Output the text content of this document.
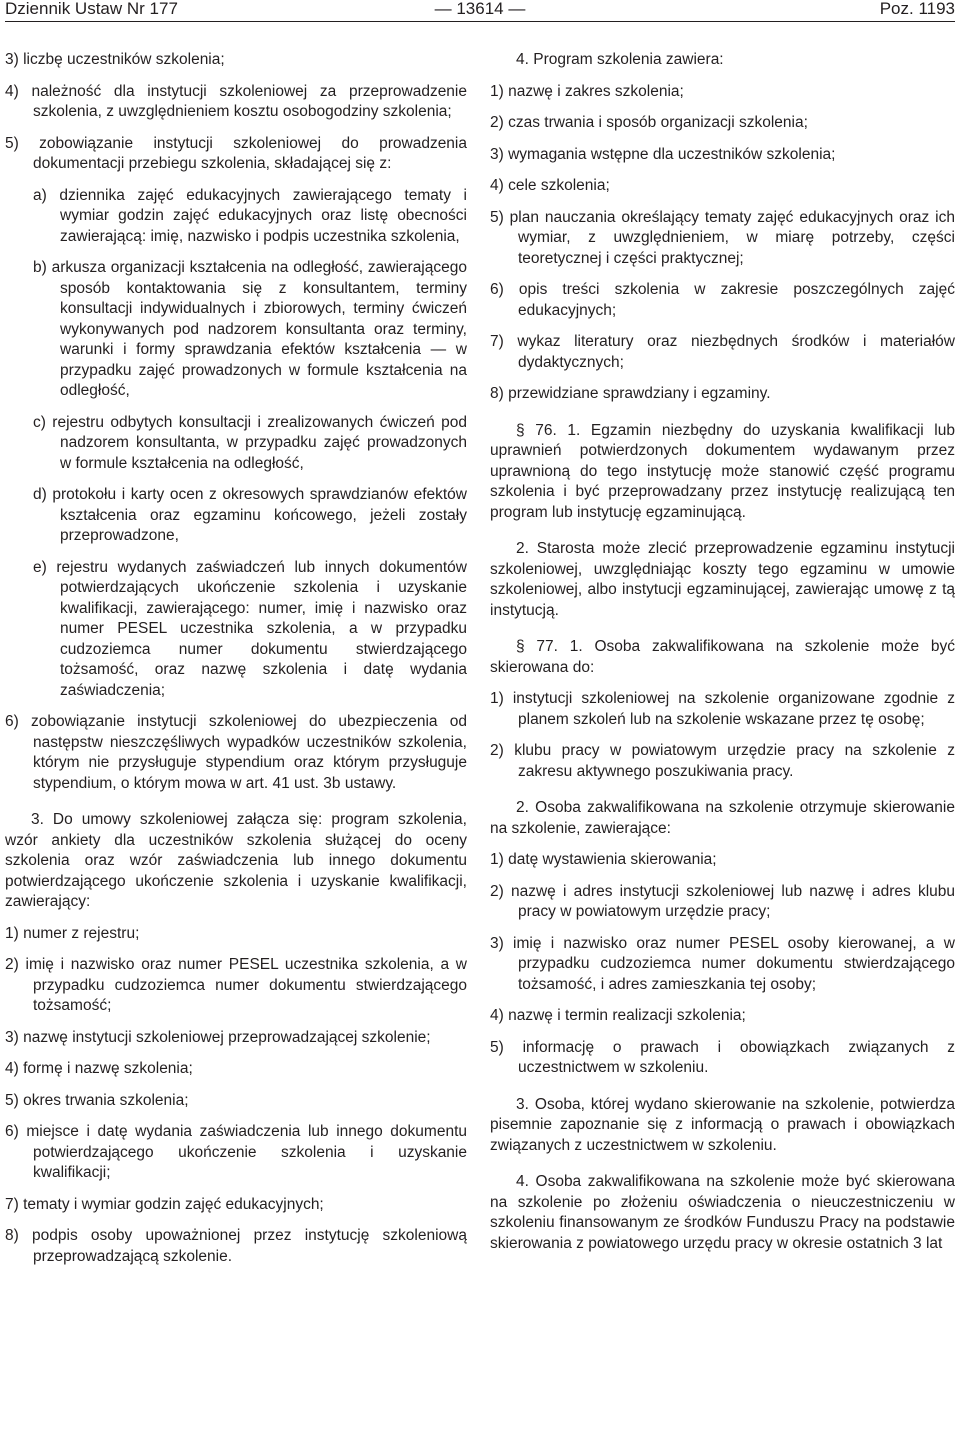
Dziennik Ustaw Nr 177	— 13614 —	Poz. 1193

3) liczbę uczestników szkolenia;

4) należność dla instytucji szkoleniowej za przeprowadzenie szkolenia, z uwzględnieniem kosztu osobogodziny szkolenia;

5) zobowiązanie instytucji szkoleniowej do prowadzenia dokumentacji przebiegu szkolenia, składającej się z:

a) dziennika zajęć edukacyjnych zawierającego tematy i wymiar godzin zajęć edukacyjnych oraz listę obecności zawierającą: imię, nazwisko i podpis uczestnika szkolenia,

b) arkusza organizacji kształcenia na odległość, zawierającego sposób kontaktowania się z konsultantem, terminy konsultacji indywidualnych i zbiorowych, terminy ćwiczeń wykonywanych pod nadzorem konsultanta oraz terminy, warunki i formy sprawdzania efektów kształcenia — w przypadku zajęć prowadzonych w formule kształcenia na odległość,

c) rejestru odbytych konsultacji i zrealizowanych ćwiczeń pod nadzorem konsultanta, w przypadku zajęć prowadzonych w formule kształcenia na odległość,

d) protokołu i karty ocen z okresowych sprawdzianów efektów kształcenia oraz egzaminu końcowego, jeżeli zostały przeprowadzone,

e) rejestru wydanych zaświadczeń lub innych dokumentów potwierdzających ukończenie szkolenia i uzyskanie kwalifikacji, zawierającego: numer, imię i nazwisko oraz numer PESEL uczestnika szkolenia, a w przypadku cudzoziemca numer dokumentu stwierdzającego tożsamość, oraz nazwę szkolenia i datę wydania zaświadczenia;

6) zobowiązanie instytucji szkoleniowej do ubezpieczenia od następstw nieszczęśliwych wypadków uczestników szkolenia, którym nie przysługuje stypendium oraz którym przysługuje stypendium, o którym mowa w art. 41 ust. 3b ustawy.

3. Do umowy szkoleniowej załącza się: program szkolenia, wzór ankiety dla uczestników szkolenia służącej do oceny szkolenia oraz wzór zaświadczenia lub innego dokumentu potwierdzającego ukończenie szkolenia i uzyskanie kwalifikacji, zawierający:

1) numer z rejestru;

2) imię i nazwisko oraz numer PESEL uczestnika szkolenia, a w przypadku cudzoziemca numer dokumentu stwierdzającego tożsamość;

3) nazwę instytucji szkoleniowej przeprowadzającej szkolenie;

4) formę i nazwę szkolenia;

5) okres trwania szkolenia;

6) miejsce i datę wydania zaświadczenia lub innego dokumentu potwierdzającego ukończenie szkolenia i uzyskanie kwalifikacji;

7) tematy i wymiar godzin zajęć edukacyjnych;

8) podpis osoby upoważnionej przez instytucję szkoleniową przeprowadzającą szkolenie.

4. Program szkolenia zawiera:

1) nazwę i zakres szkolenia;

2) czas trwania i sposób organizacji szkolenia;

3) wymagania wstępne dla uczestników szkolenia;

4) cele szkolenia;

5) plan nauczania określający tematy zajęć edukacyjnych oraz ich wymiar, z uwzględnieniem, w miarę potrzeby, części teoretycznej i części praktycznej;

6) opis treści szkolenia w zakresie poszczególnych zajęć edukacyjnych;

7) wykaz literatury oraz niezbędnych środków i materiałów dydaktycznych;

8) przewidziane sprawdziany i egzaminy.

§ 76. 1. Egzamin niezbędny do uzyskania kwalifikacji lub uprawnień potwierdzonych dokumentem wydawanym przez uprawnioną do tego instytucję może stanowić część programu szkolenia i być przeprowadzany przez instytucję realizującą ten program lub instytucję egzaminującą.

2. Starosta może zlecić przeprowadzenie egzaminu instytucji szkoleniowej, uwzględniając koszty tego egzaminu w umowie szkoleniowej, albo instytucji egzaminującej, zawierając umowę z tą instytucją.

§ 77. 1. Osoba zakwalifikowana na szkolenie może być skierowana do:

1) instytucji szkoleniowej na szkolenie organizowane zgodnie z planem szkoleń lub na szkolenie wskazane przez tę osobę;

2) klubu pracy w powiatowym urzędzie pracy na szkolenie z zakresu aktywnego poszukiwania pracy.

2. Osoba zakwalifikowana na szkolenie otrzymuje skierowanie na szkolenie, zawierające:

1) datę wystawienia skierowania;

2) nazwę i adres instytucji szkoleniowej lub nazwę i adres klubu pracy w powiatowym urzędzie pracy;

3) imię i nazwisko oraz numer PESEL osoby kierowanej, a w przypadku cudzoziemca numer dokumentu stwierdzającego tożsamość, i adres zamieszkania tej osoby;

4) nazwę i termin realizacji szkolenia;

5) informację o prawach i obowiązkach związanych z uczestnictwem w szkoleniu.

3. Osoba, której wydano skierowanie na szkolenie, potwierdza pisemnie zapoznanie się z informacją o prawach i obowiązkach związanych z uczestnictwem w szkoleniu.

4. Osoba zakwalifikowana na szkolenie może być skierowana na szkolenie po złożeniu oświadczenia o nieuczestniczeniu w szkoleniu finansowanym ze środków Funduszu Pracy na podstawie skierowania z powiatowego urzędu pracy w okresie ostatnich 3 lat
